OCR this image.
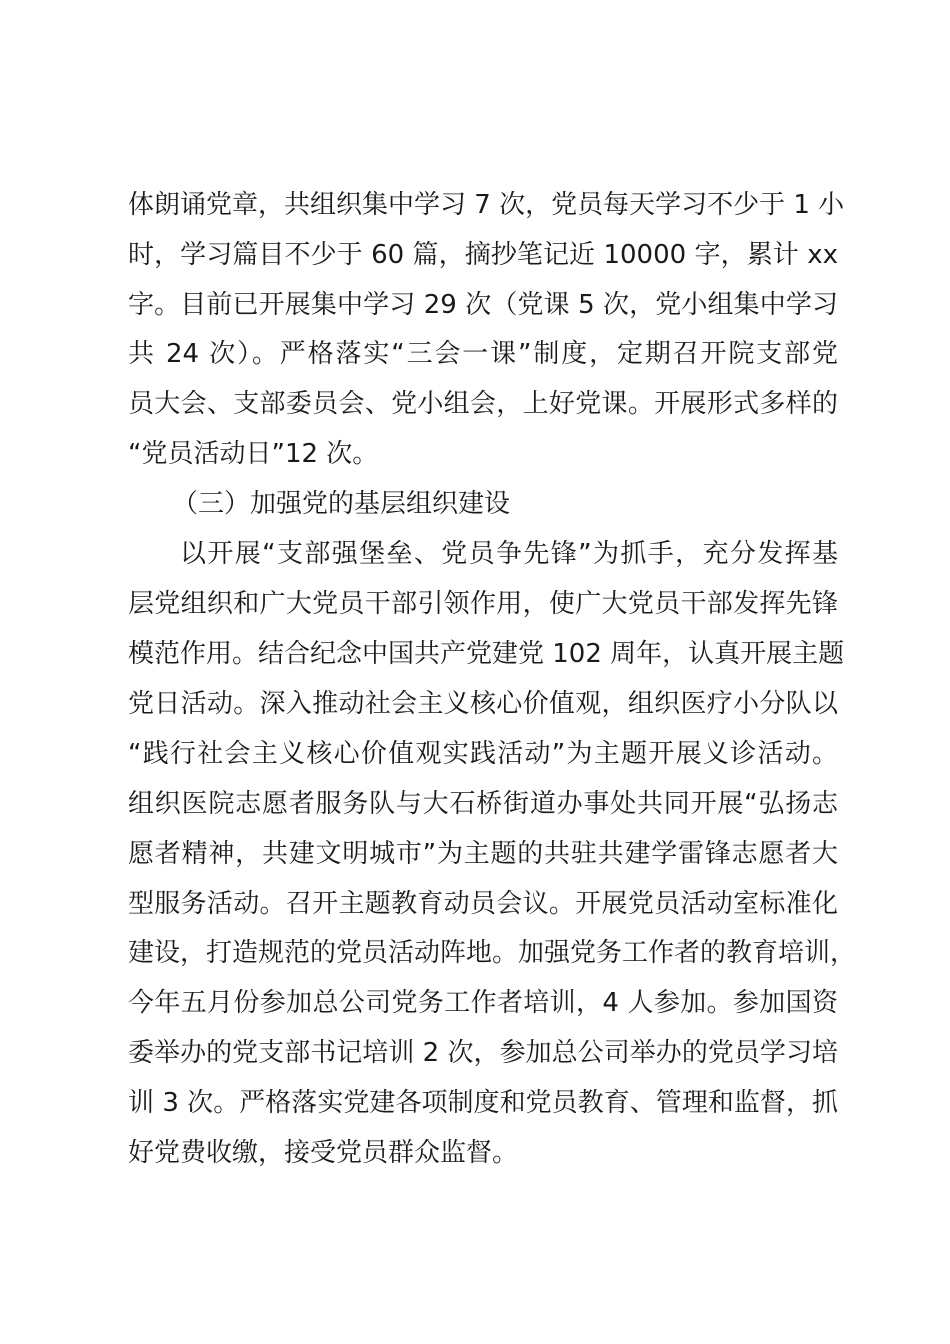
体朗诵党章，共组织集中学习 7 次，党员每天学习不少于 1 小
时，学习篇目不少于 60 篇，摘抄笔记近 10000 字，累计 xx
字。目前已开展集中学习 29 次（党课 5 次，党小组集中学习
共 24 次）。严格落实“三会一课”制度，定期召开院支部党
员大会、支部委员会、党小组会，上好党课。开展形式多样的
“党员活动日”12 次。
（三）加强党的基层组织建设
以开展“支部强堡垒、党员争先锋”为抓手，充分发挥基
层党组织和广大党员干部引领作用，使广大党员干部发挥先锋
模范作用。结合纪念中国共产党建党 102 周年，认真开展主题
党日活动。深入推动社会主义核心价值观，组织医疗小分队以
“践行社会主义核心价值观实践活动”为主题开展义诊活动。
组织医院志愿者服务队与大石桥街道办事处共同开展“弘扬志
愿者精神，共建文明城市”为主题的共驻共建学雷锋志愿者大
型服务活动。召开主题教育动员会议。开展党员活动室标准化
建设，打造规范的党员活动阵地。加强党务工作者的教育培训，
今年五月份参加总公司党务工作者培训，4 人参加。参加国资
委举办的党支部书记培训 2 次，参加总公司举办的党员学习培
训 3 次。严格落实党建各项制度和党员教育、管理和监督，抓
好党费收缴，接受党员群众监督。
